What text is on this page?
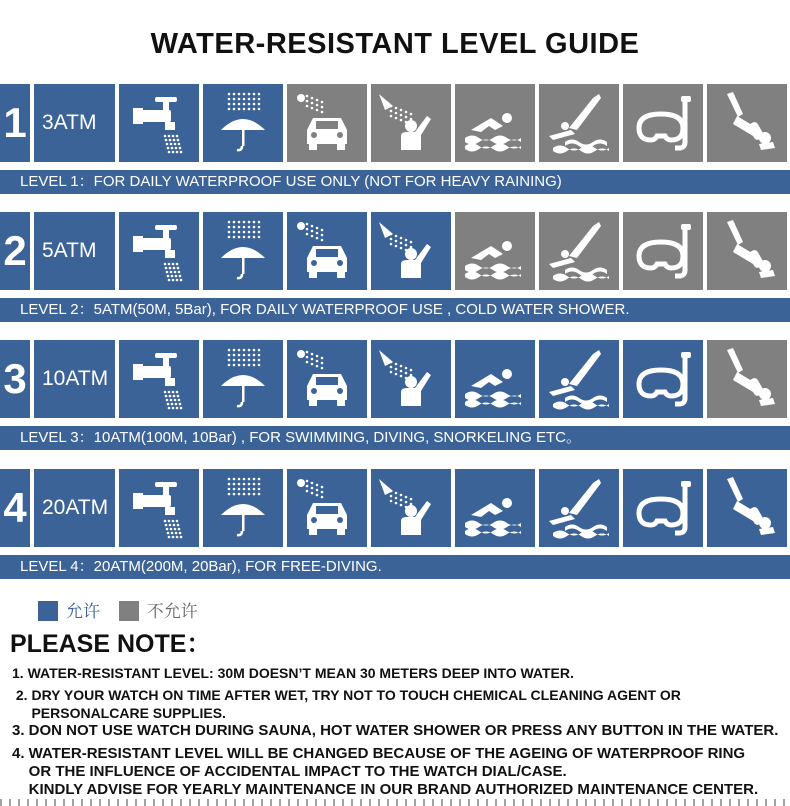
WATER-RESISTANT LEVEL GUIDE
1 3ATM
LEVEL 1：FOR DAILY WATERPROOF USE ONLY (NOT FOR HEAVY RAINING)
2 5ATM
LEVEL 2：5ATM(50M, 5Bar), FOR DAILY WATERPROOF USE , COLD WATER SHOWER.
3 10ATM
LEVEL 3：10ATM(100M, 10Bar) , FOR SWIMMING, DIVING, SNORKELING ETC。
4 20ATM
LEVEL 4：20ATM(200M, 20Bar), FOR FREE-DIVING.
允许	不允许
PLEASE NOTE：
1. WATER-RESISTANT LEVEL: 30M DOESN’T MEAN 30 METERS DEEP INTO WATER.
2. DRY YOUR WATCH ON TIME AFTER WET, TRY NOT TO TOUCH CHEMICAL CLEANING AGENT OR
PERSONALCARE SUPPLIES.
3. DON NOT USE WATCH DURING SAUNA, HOT WATER SHOWER OR PRESS ANY BUTTON IN THE WATER.
4. WATER-RESISTANT LEVEL WILL BE CHANGED BECAUSE OF THE AGEING OF WATERPROOF RING
OR THE INFLUENCE OF ACCIDENTAL IMPACT TO THE WATCH DIAL/CASE.
KINDLY ADVISE FOR YEARLY MAINTENANCE IN OUR BRAND AUTHORIZED MAINTENANCE CENTER.
